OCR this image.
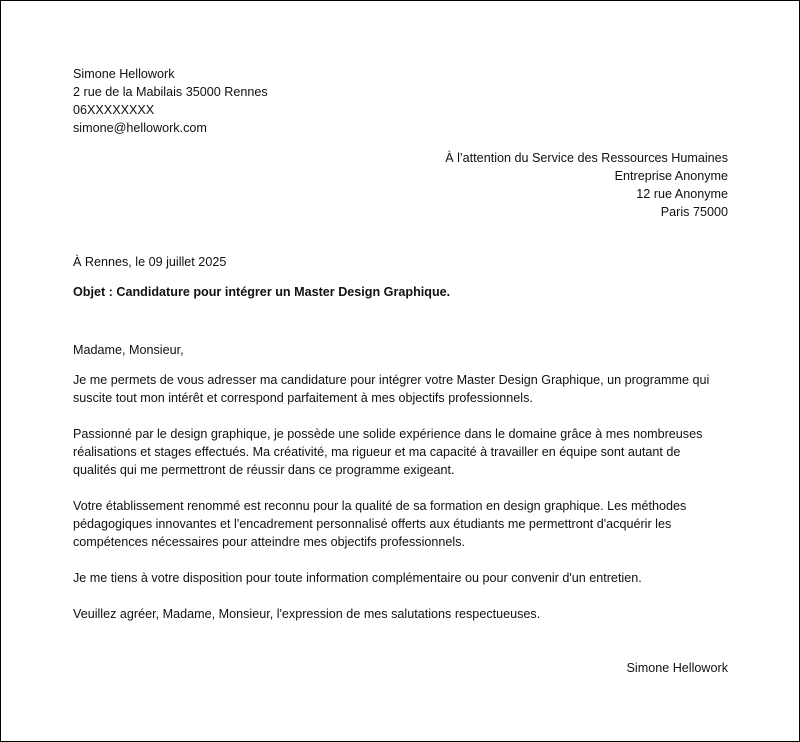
Simone Hellowork
2 rue de la Mabilais 35000 Rennes
06XXXXXXXX
simone@hellowork.com
À l’attention du Service des Ressources Humaines
Entreprise Anonyme
12 rue Anonyme
Paris 75000
À Rennes, le 09 juillet 2025
Objet : Candidature pour intégrer un Master Design Graphique.
Madame, Monsieur,
Je me permets de vous adresser ma candidature pour intégrer votre Master Design Graphique, un programme qui
suscite tout mon intérêt et correspond parfaitement à mes objectifs professionnels.
Passionné par le design graphique, je possède une solide expérience dans le domaine grâce à mes nombreuses
réalisations et stages effectués. Ma créativité, ma rigueur et ma capacité à travailler en équipe sont autant de
qualités qui me permettront de réussir dans ce programme exigeant.
Votre établissement renommé est reconnu pour la qualité de sa formation en design graphique. Les méthodes
pédagogiques innovantes et l'encadrement personnalisé offerts aux étudiants me permettront d'acquérir les
compétences nécessaires pour atteindre mes objectifs professionnels.
Je me tiens à votre disposition pour toute information complémentaire ou pour convenir d'un entretien.
Veuillez agréer, Madame, Monsieur, l'expression de mes salutations respectueuses.
Simone Hellowork
